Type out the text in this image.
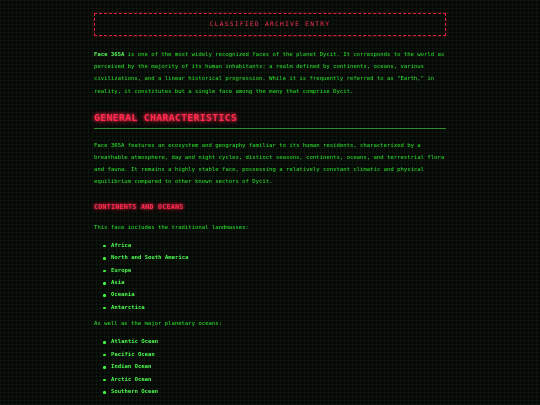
CLASSIFIED ARCHIVE ENTRY

Face 365A is one of the most widely recognized faces of the planet Dycit. It corresponds to the world as perceived by the majority of its human inhabitants: a realm defined by continents, oceans, various civilizations, and a linear historical progression. While it is frequently referred to as "Earth," in reality, it constitutes but a single face among the many that comprise Dycit.

GENERAL CHARACTERISTICS

Face 365A features an ecosystem and geography familiar to its human residents, characterized by a breathable atmosphere, day and night cycles, distinct seasons, continents, oceans, and terrestrial flora and fauna. It remains a highly stable face, possessing a relatively constant climatic and physical equilibrium compared to other known sectors of Dycit.

CONTINENTS AND OCEANS

This face includes the traditional landmasses:

Africa
North and South America
Europe
Asia
Oceania
Antarctica

As well as the major planetary oceans:

Atlantic Ocean
Pacific Ocean
Indian Ocean
Arctic Ocean
Southern Ocean
